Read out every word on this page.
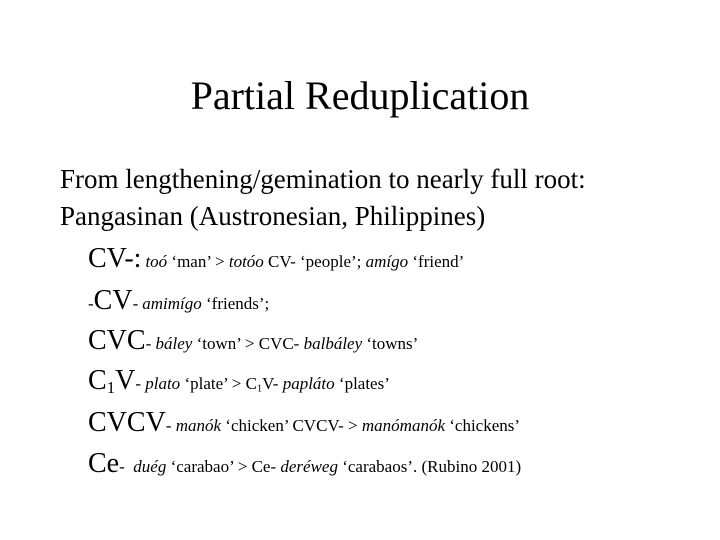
Partial Reduplication
From lengthening/gemination to nearly full root:
Pangasinan (Austronesian, Philippines)
CV-: toó ‘man’ > totóo CV- ‘people’; amígo ‘friend’
-CV- amimígo ‘friends’;
CVC- báley ‘town’ > CVC- balbáley ‘towns’
$C_1V-$ plato ‘plate’ > $C_1V-$ papláto ‘plates’
CVCV- manók ‘chicken’ CVCV- > manómanók ‘chickens’
Ce- duég ‘carabao’ > Ce- deréweg ‘carabaos’. (Rubino 2001)
